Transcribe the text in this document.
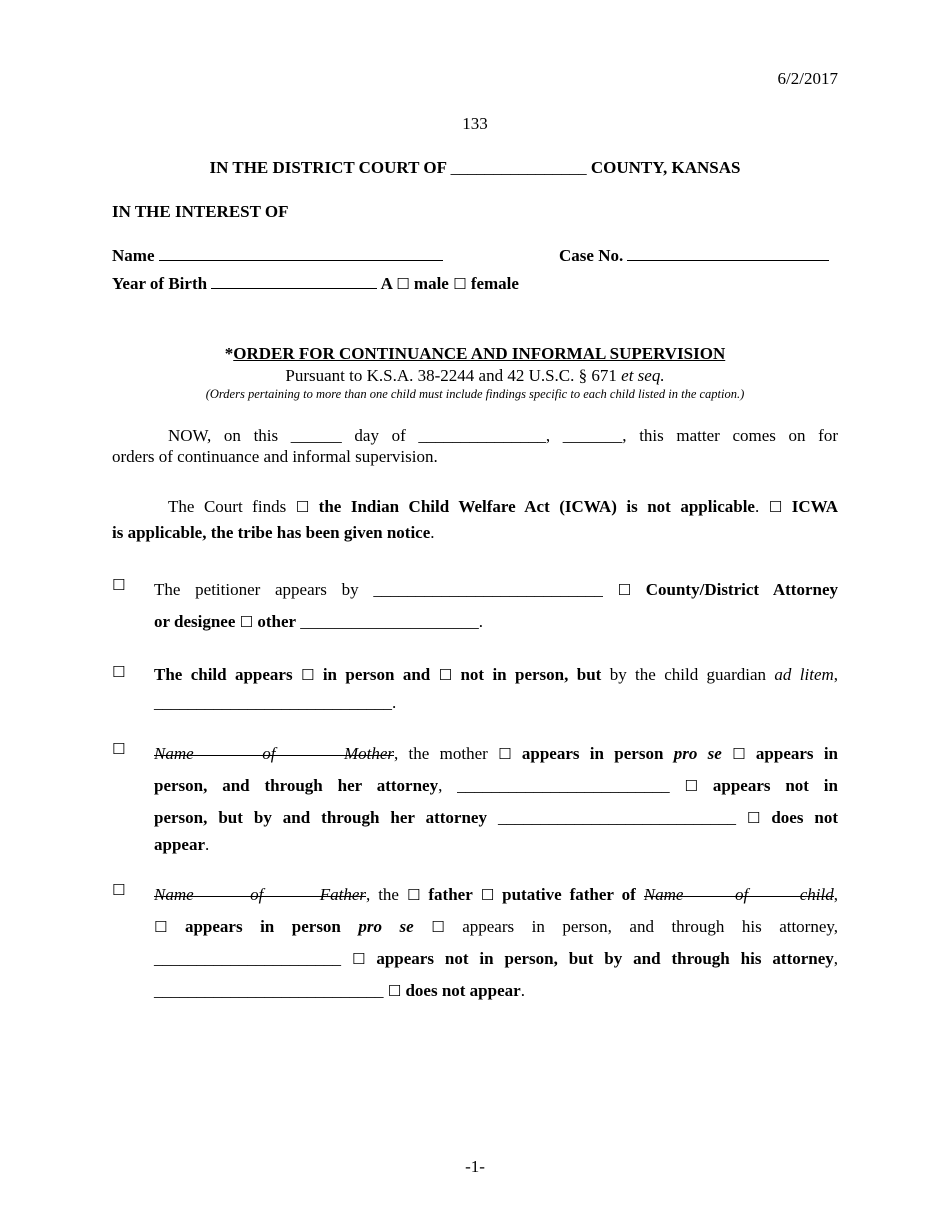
6/2/2017
133
IN THE DISTRICT COURT OF ________________ COUNTY, KANSAS
IN THE INTEREST OF
Name	Case No.
Year of Birth	A ☐ male ☐ female
*ORDER FOR CONTINUANCE AND INFORMAL SUPERVISION
Pursuant to K.S.A. 38-2244 and 42 U.S.C. § 671 et seq.
(Orders pertaining to more than one child must include findings specific to each child listed in the caption.)

NOW, on this ______ day of _______________, _______, this matter comes on for

orders of continuance and informal supervision.

The Court finds ☐ the Indian Child Welfare Act (ICWA) is not applicable. ☐ ICWA

is applicable, the tribe has been given notice.

☐ The petitioner appears by ___________________________ ☐ County/District Attorney

or designee ☐ other _____________________.

☐ The child appears ☐ in person and ☐ not in person, but by the child guardian ad litem,

____________________________.

☐ Name of Mother , the mother ☐ appears in person pro se ☐ appears in

person, and through her attorney, _________________________ ☐ appears not in

person, but by and through her attorney ____________________________ ☐ does not

appear.

☐ Name of Father , the ☐ father ☐ putative father of Name of child ,

☐ appears in person pro se ☐ appears in person, and through his attorney,

______________________ ☐ appears not in person, but by and through his attorney,

___________________________ ☐ does not appear.

-1-
